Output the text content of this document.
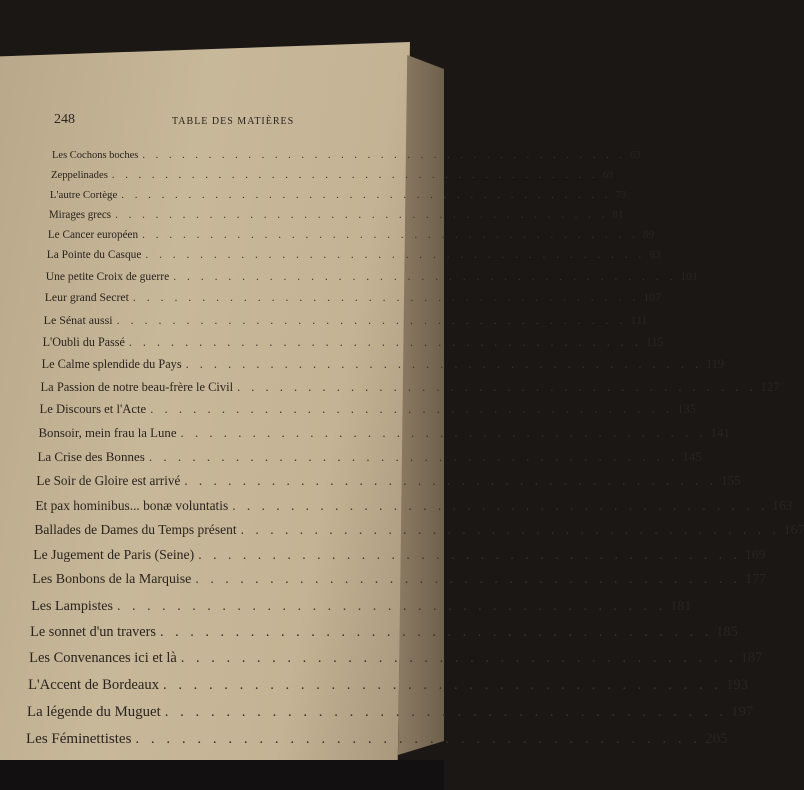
248	TABLE DES MATIÈRES
Les Cochons boches . . . . . . . . . . . . . . . . . . . . . . . . . . . . . . . . . . . . . 63
Zeppelinades . . . . . . . . . . . . . . . . . . . . . . . . . . . . . . . . . . . . . 69
L'autre Cortège . . . . . . . . . . . . . . . . . . . . . . . . . . . . . . . . . . . . . 73
Mirages grecs . . . . . . . . . . . . . . . . . . . . . . . . . . . . . . . . . . . . . 81
Le Cancer européen . . . . . . . . . . . . . . . . . . . . . . . . . . . . . . . . . . . . . 89
La Pointe du Casque . . . . . . . . . . . . . . . . . . . . . . . . . . . . . . . . . . . . . 93
Une petite Croix de guerre . . . . . . . . . . . . . . . . . . . . . . . . . . . . . . . . . . . . . 101
Leur grand Secret . . . . . . . . . . . . . . . . . . . . . . . . . . . . . . . . . . . . . 107
Le Sénat aussi . . . . . . . . . . . . . . . . . . . . . . . . . . . . . . . . . . . . . 111
L'Oubli du Passé . . . . . . . . . . . . . . . . . . . . . . . . . . . . . . . . . . . . . 115
Le Calme splendide du Pays . . . . . . . . . . . . . . . . . . . . . . . . . . . . . . . . . . . . . 119
La Passion de notre beau-frère le Civil . . . . . . . . . . . . . . . . . . . . . . . . . . . . . . . . . . . . . 127
Le Discours et l'Acte . . . . . . . . . . . . . . . . . . . . . . . . . . . . . . . . . . . . . 135
Bonsoir, mein frau la Lune . . . . . . . . . . . . . . . . . . . . . . . . . . . . . . . . . . . . . 141
La Crise des Bonnes . . . . . . . . . . . . . . . . . . . . . . . . . . . . . . . . . . . . . 145
Le Soir de Gloire est arrivé . . . . . . . . . . . . . . . . . . . . . . . . . . . . . . . . . . . . . 155
Et pax hominibus... bonæ voluntatis . . . . . . . . . . . . . . . . . . . . . . . . . . . . . . . . . . . . . 163
Ballades de Dames du Temps présent . . . . . . . . . . . . . . . . . . . . . . . . . . . . . . . . . . . . . 167
Le Jugement de Paris (Seine) . . . . . . . . . . . . . . . . . . . . . . . . . . . . . . . . . . . . . 169
Les Bonbons de la Marquise . . . . . . . . . . . . . . . . . . . . . . . . . . . . . . . . . . . . . 177
Les Lampistes . . . . . . . . . . . . . . . . . . . . . . . . . . . . . . . . . . . . . 181
Le sonnet d'un travers . . . . . . . . . . . . . . . . . . . . . . . . . . . . . . . . . . . . . 185
Les Convenances ici et là . . . . . . . . . . . . . . . . . . . . . . . . . . . . . . . . . . . . . 187
L'Accent de Bordeaux . . . . . . . . . . . . . . . . . . . . . . . . . . . . . . . . . . . . . 193
La légende du Muguet . . . . . . . . . . . . . . . . . . . . . . . . . . . . . . . . . . . . . 197
Les Féminettistes . . . . . . . . . . . . . . . . . . . . . . . . . . . . . . . . . . . . . 205
